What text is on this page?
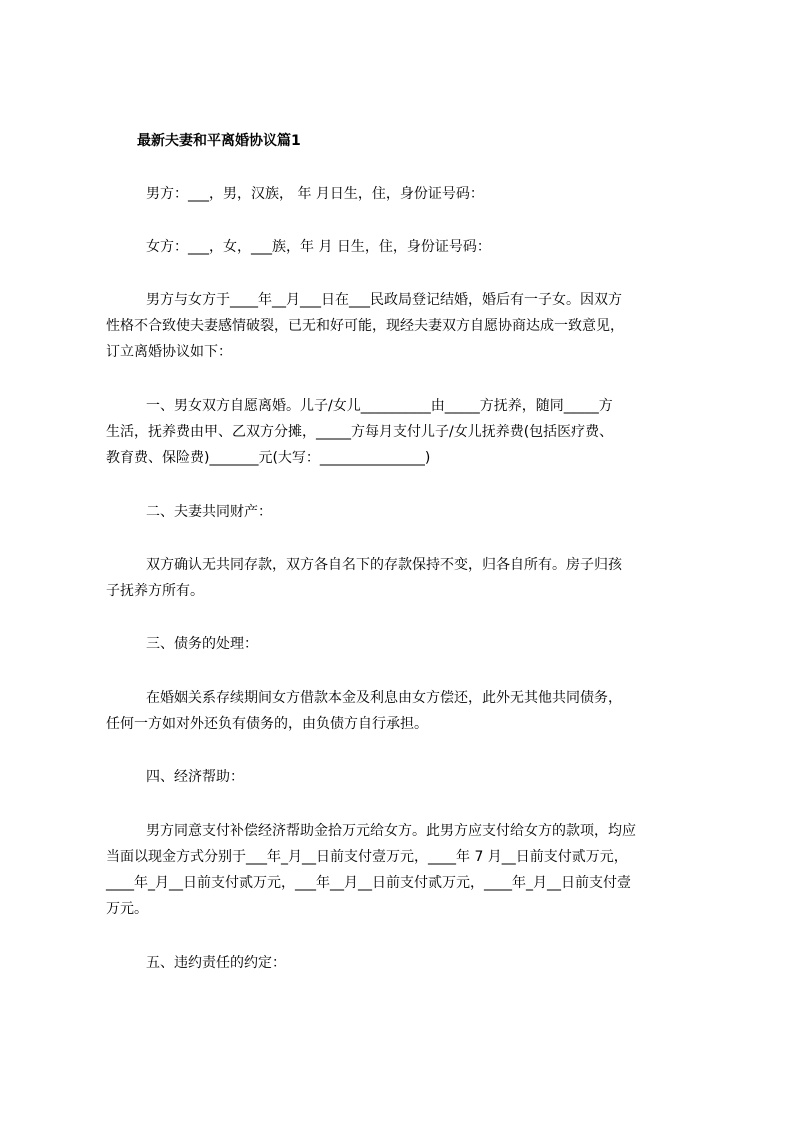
最新夫妻和平离婚协议篇1
男方：___，男，汉族， 年 月日生，住，身份证号码：
女方：___，女，___族，年 月 日生，住，身份证号码：
男方与女方于____年__月___日在___民政局登记结婚，婚后有一子女。因双方
性格不合致使夫妻感情破裂，已无和好可能，现经夫妻双方自愿协商达成一致意见，
订立离婚协议如下：
一、男女双方自愿离婚。儿子/女儿__________由_____方抚养，随同_____方
生活，抚养费由甲、乙双方分摊，_____方每月支付儿子/女儿抚养费(包括医疗费、
教育费、保险费)_______元(大写：_______________)
二、夫妻共同财产：
双方确认无共同存款，双方各自名下的存款保持不变，归各自所有。房子归孩
子抚养方所有。
三、债务的处理：
在婚姻关系存续期间女方借款本金及利息由女方偿还，此外无其他共同债务，
任何一方如对外还负有债务的，由负债方自行承担。
四、经济帮助：
男方同意支付补偿经济帮助金拾万元给女方。此男方应支付给女方的款项，均应
当面以现金方式分别于___年_月__日前支付壹万元，____年 7 月__日前支付贰万元，
____年_月__日前支付贰万元，___年__月__日前支付贰万元，____年_月__日前支付壹
万元。
五、违约责任的约定：
